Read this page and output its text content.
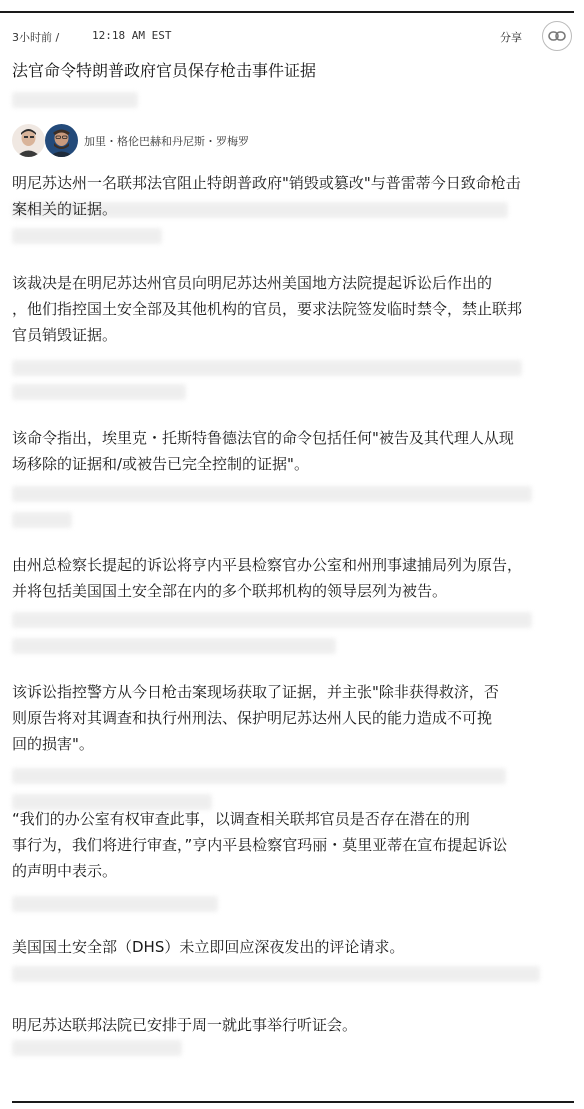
3小时前 /	12:18 AM EST	分享
法官命令特朗普政府官员保存枪击事件证据
加里・格伦巴赫和丹尼斯・罗梅罗

明尼苏达州一名联邦法官阻止特朗普政府"销毁或篡改"与普雷蒂今日致命枪击

案相关的证据。

该裁决是在明尼苏达州官员向明尼苏达州美国地方法院提起诉讼后作出的

，他们指控国土安全部及其他机构的官员，要求法院签发临时禁令，禁止联邦

官员销毁证据。

该命令指出，埃里克・托斯特鲁德法官的命令包括任何"被告及其代理人从现

场移除的证据和/或被告已完全控制的证据"。

由州总检察长提起的诉讼将亨内平县检察官办公室和州刑事逮捕局列为原告，

并将包括美国国土安全部在内的多个联邦机构的领导层列为被告。

该诉讼指控警方从今日枪击案现场获取了证据，并主张"除非获得救济，否

则原告将对其调查和执行州刑法、保护明尼苏达州人民的能力造成不可挽

回的损害"。

“我们的办公室有权审查此事，以调查相关联邦官员是否存在潜在的刑

事行为，我们将进行审查，”亨内平县检察官玛丽・莫里亚蒂在宣布提起诉讼

的声明中表示。

美国国土安全部（DHS）未立即回应深夜发出的评论请求。

明尼苏达联邦法院已安排于周一就此事举行听证会。
